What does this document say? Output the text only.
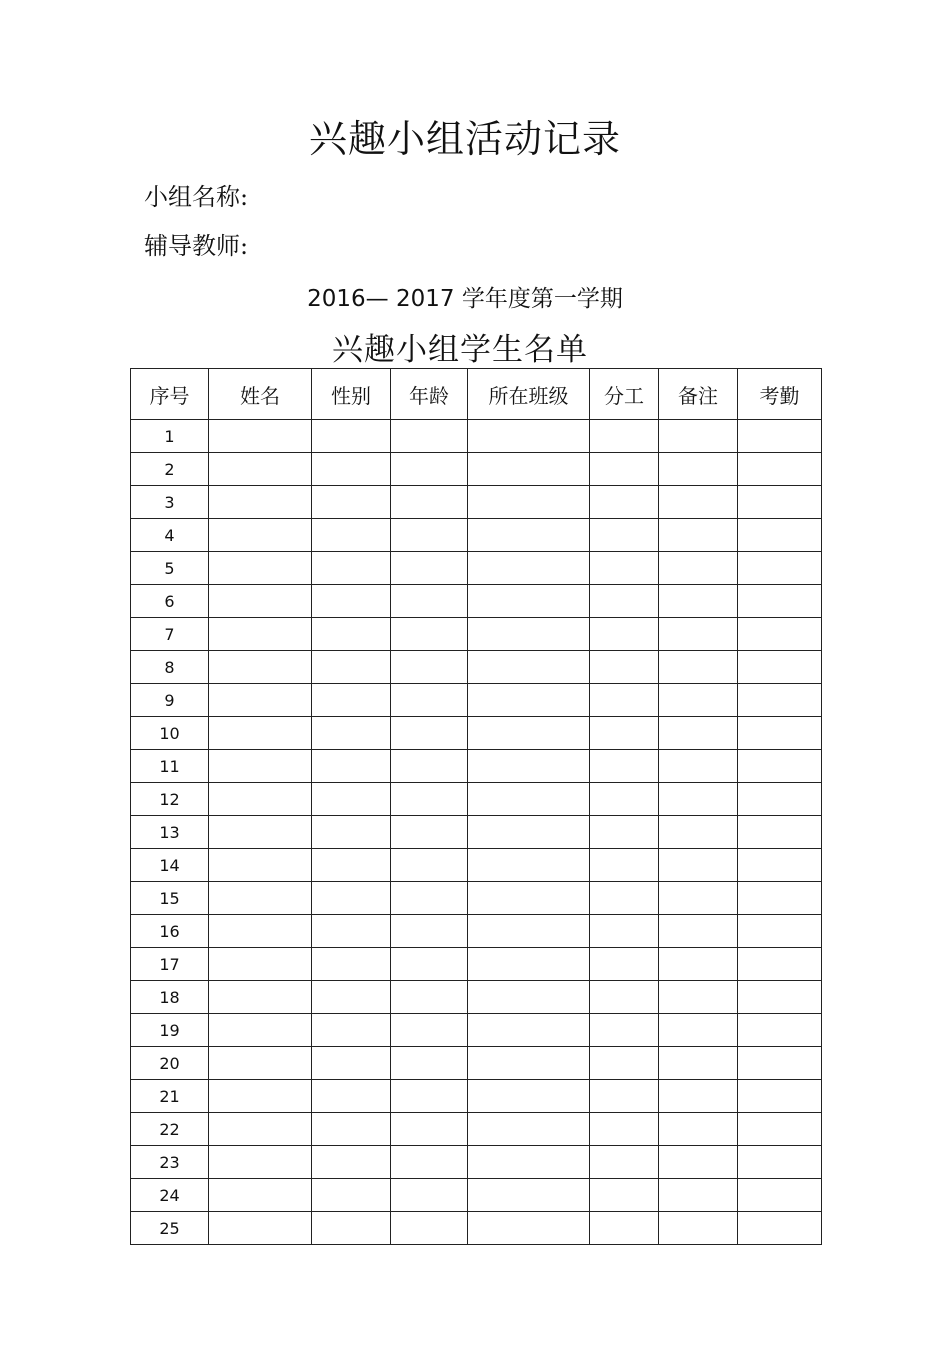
兴趣小组活动记录
小组名称:
辅导教师:
2016— 2017 学年度第一学期
兴趣小组学生名单
序号	姓名	性别	年龄	所在班级	分工	备注	考勤
1							
2							
3							
4							
5							
6							
7							
8							
9							
10							
11							
12							
13							
14							
15							
16							
17							
18							
19							
20							
21							
22							
23							
24							
25							
